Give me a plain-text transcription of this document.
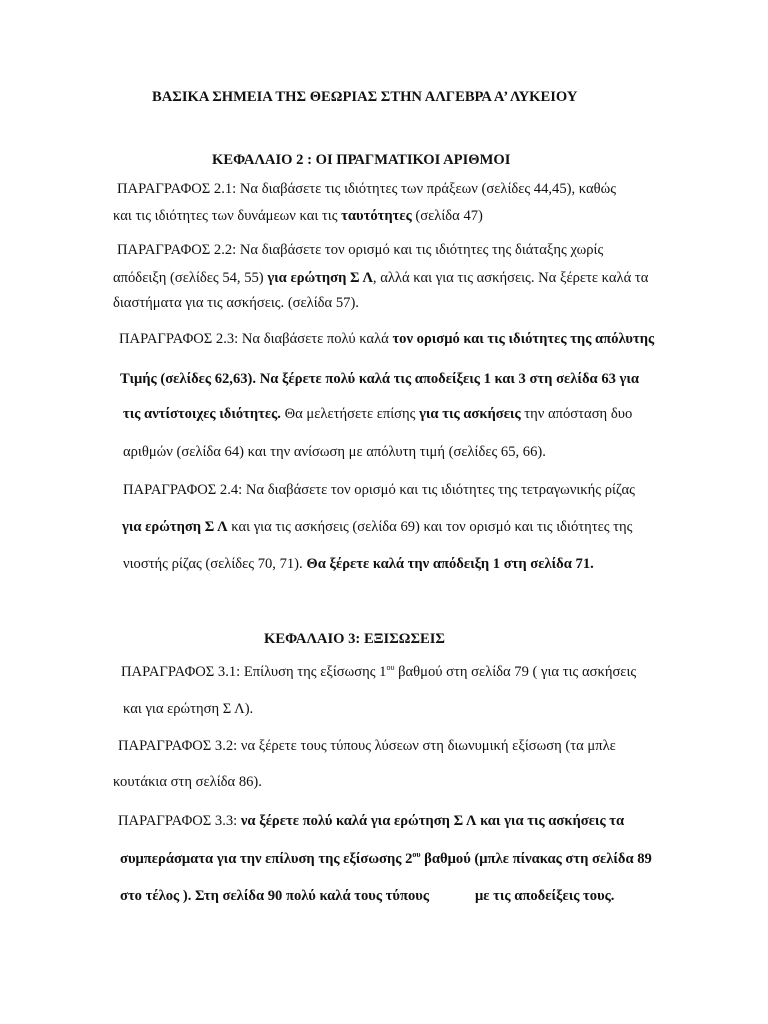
ΒΑΣΙΚΑ ΣΗΜΕΙΑ ΤΗΣ ΘΕΩΡΙΑΣ ΣΤΗΝ ΑΛΓΕΒΡΑ Α’ ΛΥΚΕΙΟΥ
ΚΕΦΑΛΑΙΟ 2 : ΟΙ ΠΡΑΓΜΑΤΙΚΟΙ ΑΡΙΘΜΟΙ
ΠΑΡΑΓΡΑΦΟΣ 2.1: Να διαβάσετε τις ιδιότητες των πράξεων (σελίδες 44,45), καθώς
και τις ιδιότητες των δυνάμεων και τις ταυτότητες (σελίδα 47)
ΠΑΡΑΓΡΑΦΟΣ 2.2: Να διαβάσετε τον ορισμό και τις ιδιότητες της διάταξης χωρίς
απόδειξη (σελίδες 54, 55) για ερώτηση Σ Λ, αλλά και για τις ασκήσεις. Να ξέρετε καλά τα
διαστήματα για τις ασκήσεις. (σελίδα 57).
ΠΑΡΑΓΡΑΦΟΣ 2.3: Να διαβάσετε πολύ καλά τον ορισμό και τις ιδιότητες της απόλυτης
Τιμής (σελίδες 62,63). Να ξέρετε πολύ καλά τις αποδείξεις 1 και 3 στη σελίδα 63 για
τις αντίστοιχες ιδιότητες. Θα μελετήσετε επίσης για τις ασκήσεις την απόσταση δυο
αριθμών (σελίδα 64) και την ανίσωση με απόλυτη τιμή (σελίδες 65, 66).
ΠΑΡΑΓΡΑΦΟΣ 2.4: Να διαβάσετε τον ορισμό και τις ιδιότητες της τετραγωνικής ρίζας
για ερώτηση Σ Λ και για τις ασκήσεις (σελίδα 69) και τον ορισμό και τις ιδιότητες της
νιοστής ρίζας (σελίδες 70, 71). Θα ξέρετε καλά την απόδειξη 1 στη σελίδα 71.
ΚΕΦΑΛΑΙΟ 3: ΕΞΙΣΩΣΕΙΣ
ΠΑΡΑΓΡΑΦΟΣ 3.1: Επίλυση της εξίσωσης $1^{o\upsilon}$ βαθμού στη σελίδα 79 ( για τις ασκήσεις
και για ερώτηση Σ Λ).
ΠΑΡΑΓΡΑΦΟΣ 3.2: να ξέρετε τους τύπους λύσεων στη διωνυμική εξίσωση (τα μπλε
κουτάκια στη σελίδα 86).
ΠΑΡΑΓΡΑΦΟΣ 3.3: να ξέρετε πολύ καλά για ερώτηση Σ Λ και για τις ασκήσεις τα
συμπεράσματα για την επίλυση της εξίσωσης $2^{o\upsilon}$ βαθμού (μπλε πίνακας στη σελίδα 89
στο τέλος ). Στη σελίδα 90 πολύ καλά τους τύπους	με τις αποδείξεις τους.
